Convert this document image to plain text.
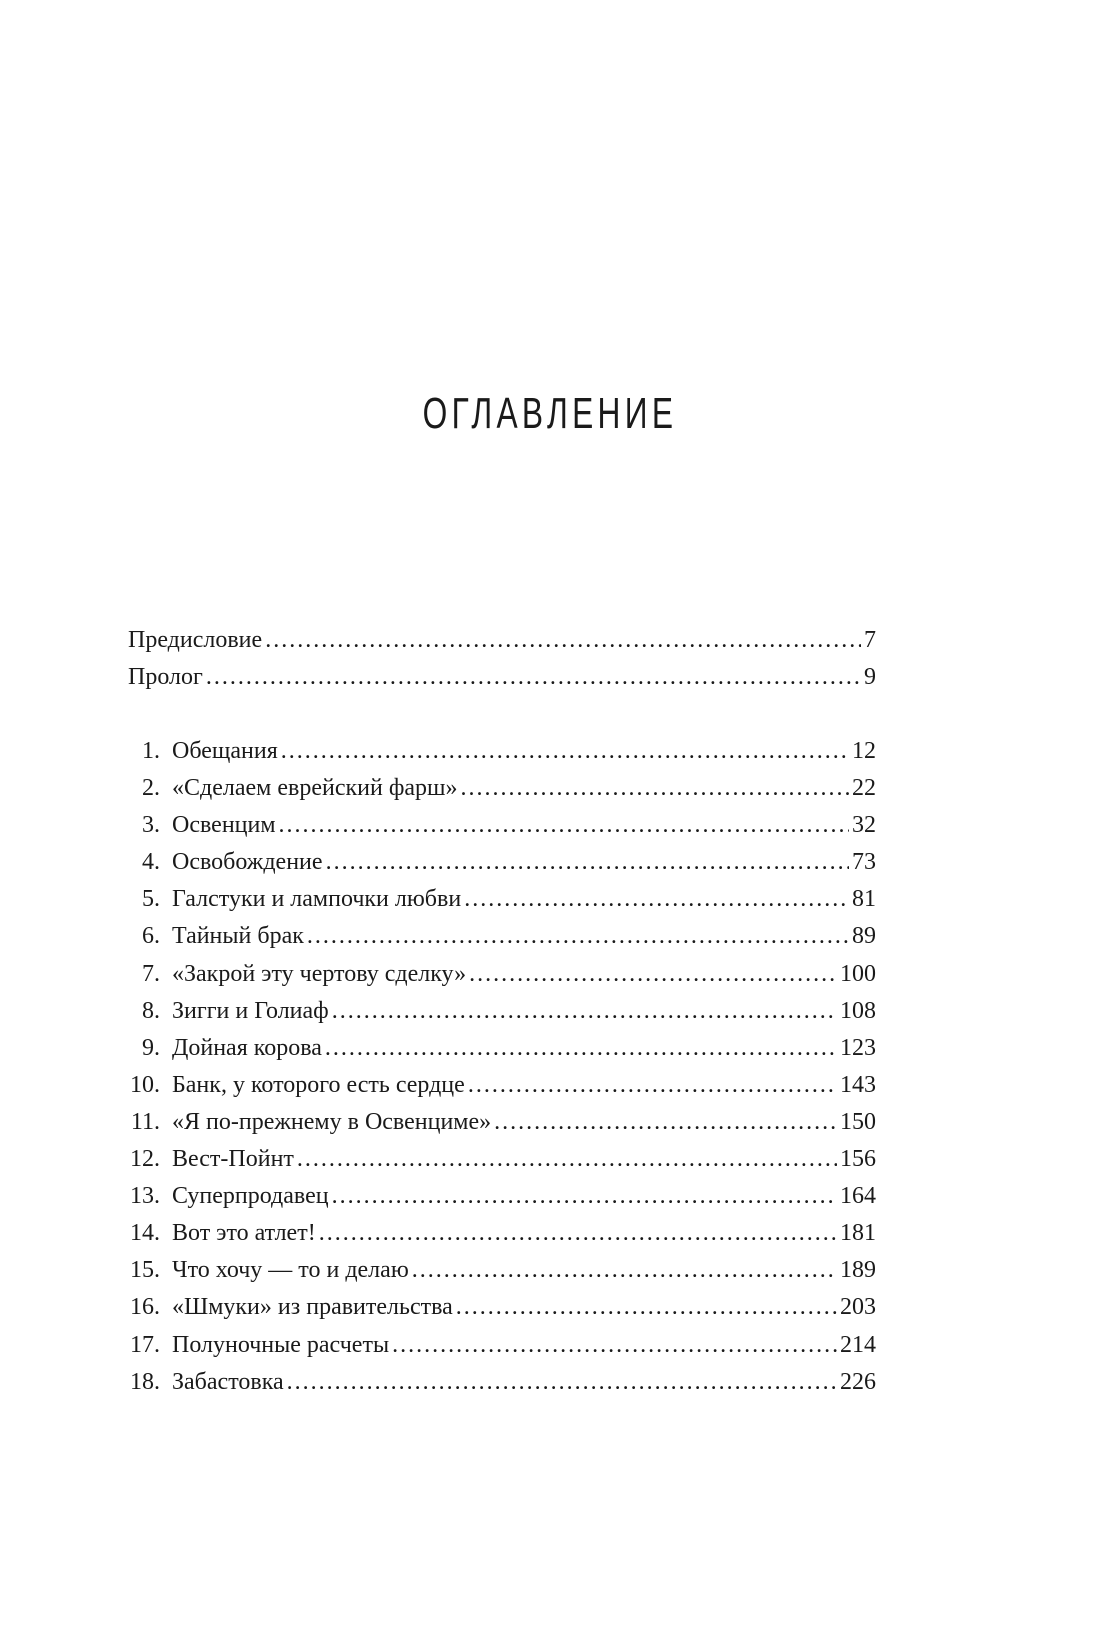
ОГЛАВЛЕНИЕ
Предисловие .....	7
Пролог .....	9
1. Обещания .....	12
2. «Сделаем еврейский фарш» .....	22
3. Освенцим .....	32
4. Освобождение .....	73
5. Галстуки и лампочки любви .....	81
6. Тайный брак .....	89
7. «Закрой эту чертову сделку» .....	100
8. Зигги и Голиаф .....	108
9. Дойная корова .....	123
10. Банк, у которого есть сердце .....	143
11. «Я по-прежнему в Освенциме» .....	150
12. Вест-Пойнт .....	156
13. Суперпродавец .....	164
14. Вот это атлет! .....	181
15. Что хочу — то и делаю .....	189
16. «Шмуки» из правительства .....	203
17. Полуночные расчеты .....	214
18. Забастовка .....	226
